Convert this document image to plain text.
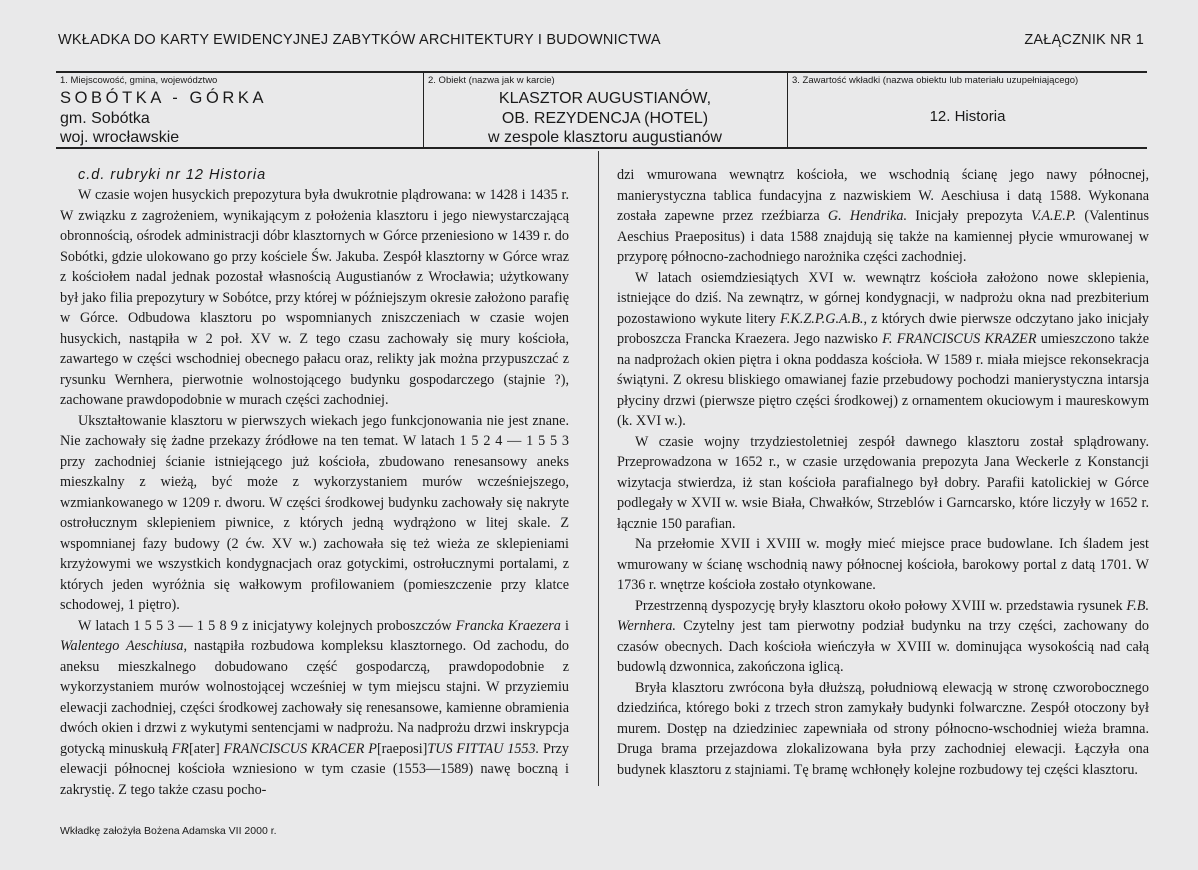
WKŁADKA DO KARTY EWIDENCYJNEJ ZABYTKÓW ARCHITEKTURY I BUDOWNICTWA	ZAŁĄCZNIK NR 1
1. Miejscowość, gmina, województwo
SOBÓTKA - GÓRKA
gm. Sobótka
woj. wrocławskie
2. Obiekt (nazwa jak w karcie)
KLASZTOR AUGUSTIANÓW,
OB. REZYDENCJA (HOTEL)
w zespole klasztoru augustianów
3. Zawartość wkładki (nazwa obiektu lub materiału uzupełniającego)
12. Historia

c.d. rubryki nr 12 Historia

W czasie wojen husyckich prepozytura była dwukrotnie plądrowana: w 1428 i 1435 r. W związku z zagrożeniem, wynikającym z położenia klasztoru i jego niewystarczającą obronnością, ośrodek administracji dóbr klasztornych w Górce przeniesiono w 1439 r. do Sobótki, gdzie ulokowano go przy kościele Św. Jakuba. Zespół klasztorny w Górce wraz z kościołem nadal jednak pozostał własnością Augustianów z Wrocławia; użytkowany był jako filia prepozytury w Sobótce, przy której w późniejszym okresie założono parafię w Górce. Odbudowa klasztoru po wspomnianych zniszczeniach w czasie wojen husyckich, nastąpiła w 2 poł. XV w. Z tego czasu zachowały się mury kościoła, zawartego w części wschodniej obecnego pałacu oraz, relikty jak można przypuszczać z rysunku Wernhera, pierwotnie wolnostojącego budynku gospodarczego (stajnie ?), zachowane prawdopodobnie w murach części zachodniej.

Ukształtowanie klasztoru w pierwszych wiekach jego funkcjonowania nie jest znane. Nie zachowały się żadne przekazy źródłowe na ten temat. W latach 1 5 2 4 — 1 5 5 3 przy zachodniej ścianie istniejącego już kościoła, zbudowano renesansowy aneks mieszkalny z wieżą, być może z wykorzystaniem murów wcześniejszego, wzmiankowanego w 1209 r. dworu. W części środkowej budynku zachowały się nakryte ostrołucznym sklepieniem piwnice, z których jedną wydrążono w litej skale. Z wspomnianej fazy budowy (2 ćw. XV w.) zachowała się też wieża ze sklepieniami krzyżowymi we wszystkich kondygnacjach oraz gotyckimi, ostrołucznymi portalami, z których jeden wyróżnia się wałkowym profilowaniem (pomieszczenie przy klatce schodowej, 1 piętro).

W latach 1 5 5 3 — 1 5 8 9 z inicjatywy kolejnych proboszczów Francka Kraezera i Walentego Aeschiusa, nastąpiła rozbudowa kompleksu klasztornego. Od zachodu, do aneksu mieszkalnego dobudowano część gospodarczą, prawdopodobnie z wykorzystaniem murów wolnostojącej wcześniej w tym miejscu stajni. W przyziemiu elewacji zachodniej, części środkowej zachowały się renesansowe, kamienne obramienia dwóch okien i drzwi z wykutymi sentencjami w nadprożu. Na nadprożu drzwi inskrypcja gotycką minuskułą FR[ater] FRANCISCUS KRACER P[raeposi]TUS FITTAU 1553. Przy elewacji północnej kościoła wzniesiono w tym czasie (1553—1589) nawę boczną i zakrystię. Z tego także czasu pocho-

dzi wmurowana wewnątrz kościoła, we wschodnią ścianę jego nawy północnej, manierystyczna tablica fundacyjna z nazwiskiem W. Aeschiusa i datą 1588. Wykonana została zapewne przez rzeźbiarza G. Hendrika. Inicjały prepozyta V.A.E.P. (Valentinus Aeschius Praepositus) i data 1588 znajdują się także na kamiennej płycie wmurowanej w przyporę północno-zachodniego narożnika części zachodniej.

W latach osiemdziesiątych XVI w. wewnątrz kościoła założono nowe sklepienia, istniejące do dziś. Na zewnątrz, w górnej kondygnacji, w nadprożu okna nad prezbiterium pozostawiono wykute litery F.K.Z.P.G.A.B., z których dwie pierwsze odczytano jako inicjały proboszcza Francka Kraezera. Jego nazwisko F. FRANCISCUS KRAZER umieszczono także na nadprożach okien piętra i okna poddasza kościoła. W 1589 r. miała miejsce rekonsekracja świątyni. Z okresu bliskiego omawianej fazie przebudowy pochodzi manierystyczna intarsja płyciny drzwi (pierwsze piętro części środkowej) z ornamentem okuciowym i maureskowym (k. XVI w.).

W czasie wojny trzydziestoletniej zespół dawnego klasztoru został splądrowany. Przeprowadzona w 1652 r., w czasie urzędowania prepozyta Jana Weckerle z Konstancji wizytacja stwierdza, iż stan kościoła parafialnego był dobry. Parafii katolickiej w Górce podlegały w XVII w. wsie Biała, Chwałków, Strzeblów i Garncarsko, które liczyły w 1652 r. łącznie 150 parafian.

Na przełomie XVII i XVIII w. mogły mieć miejsce prace budowlane. Ich śladem jest wmurowany w ścianę wschodnią nawy północnej kościoła, barokowy portal z datą 1701. W 1736 r. wnętrze kościoła zostało otynkowane.

Przestrzenną dyspozycję bryły klasztoru około połowy XVIII w. przedstawia rysunek F.B. Wernhera. Czytelny jest tam pierwotny podział budynku na trzy części, zachowany do czasów obecnych. Dach kościoła wieńczyła w XVIII w. dominująca wysokością nad całą budowlą dzwonnica, zakończona iglicą.

Bryła klasztoru zwrócona była dłuższą, południową elewacją w stronę czworobocznego dziedzińca, którego boki z trzech stron zamykały budynki folwarczne. Zespół otoczony był murem. Dostęp na dziedziniec zapewniała od strony północno-wschodniej wieża bramna. Druga brama przejazdowa zlokalizowana była przy zachodniej elewacji. Łączyła ona budynek klasztoru z stajniami. Tę bramę wchłonęły kolejne rozbudowy tej części klasztoru.

Wkładkę założyła Bożena Adamska VII 2000 r.
